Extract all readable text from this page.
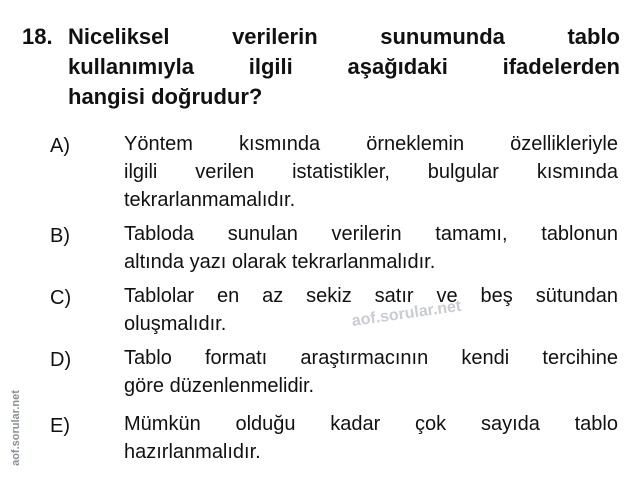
18. Niceliksel verilerin sunumunda tablo
kullanımıyla ilgili aşağıdaki ifadelerden
hangisi doğrudur?
A)	Yöntem kısmında örneklemin özellikleriyle
ilgili verilen istatistikler, bulgular kısmında
tekrarlanmamalıdır.
B)	Tabloda sunulan verilerin tamamı, tablonun
altında yazı olarak tekrarlanmalıdır.
C)	Tablolar en az sekiz satır ve beş sütundan
oluşmalıdır.
D)	Tablo formatı araştırmacının kendi tercihine
göre düzenlenmelidir.
E)	Mümkün olduğu kadar çok sayıda tablo
hazırlanmalıdır.
aof.sorular.net
aof.sorular.net
